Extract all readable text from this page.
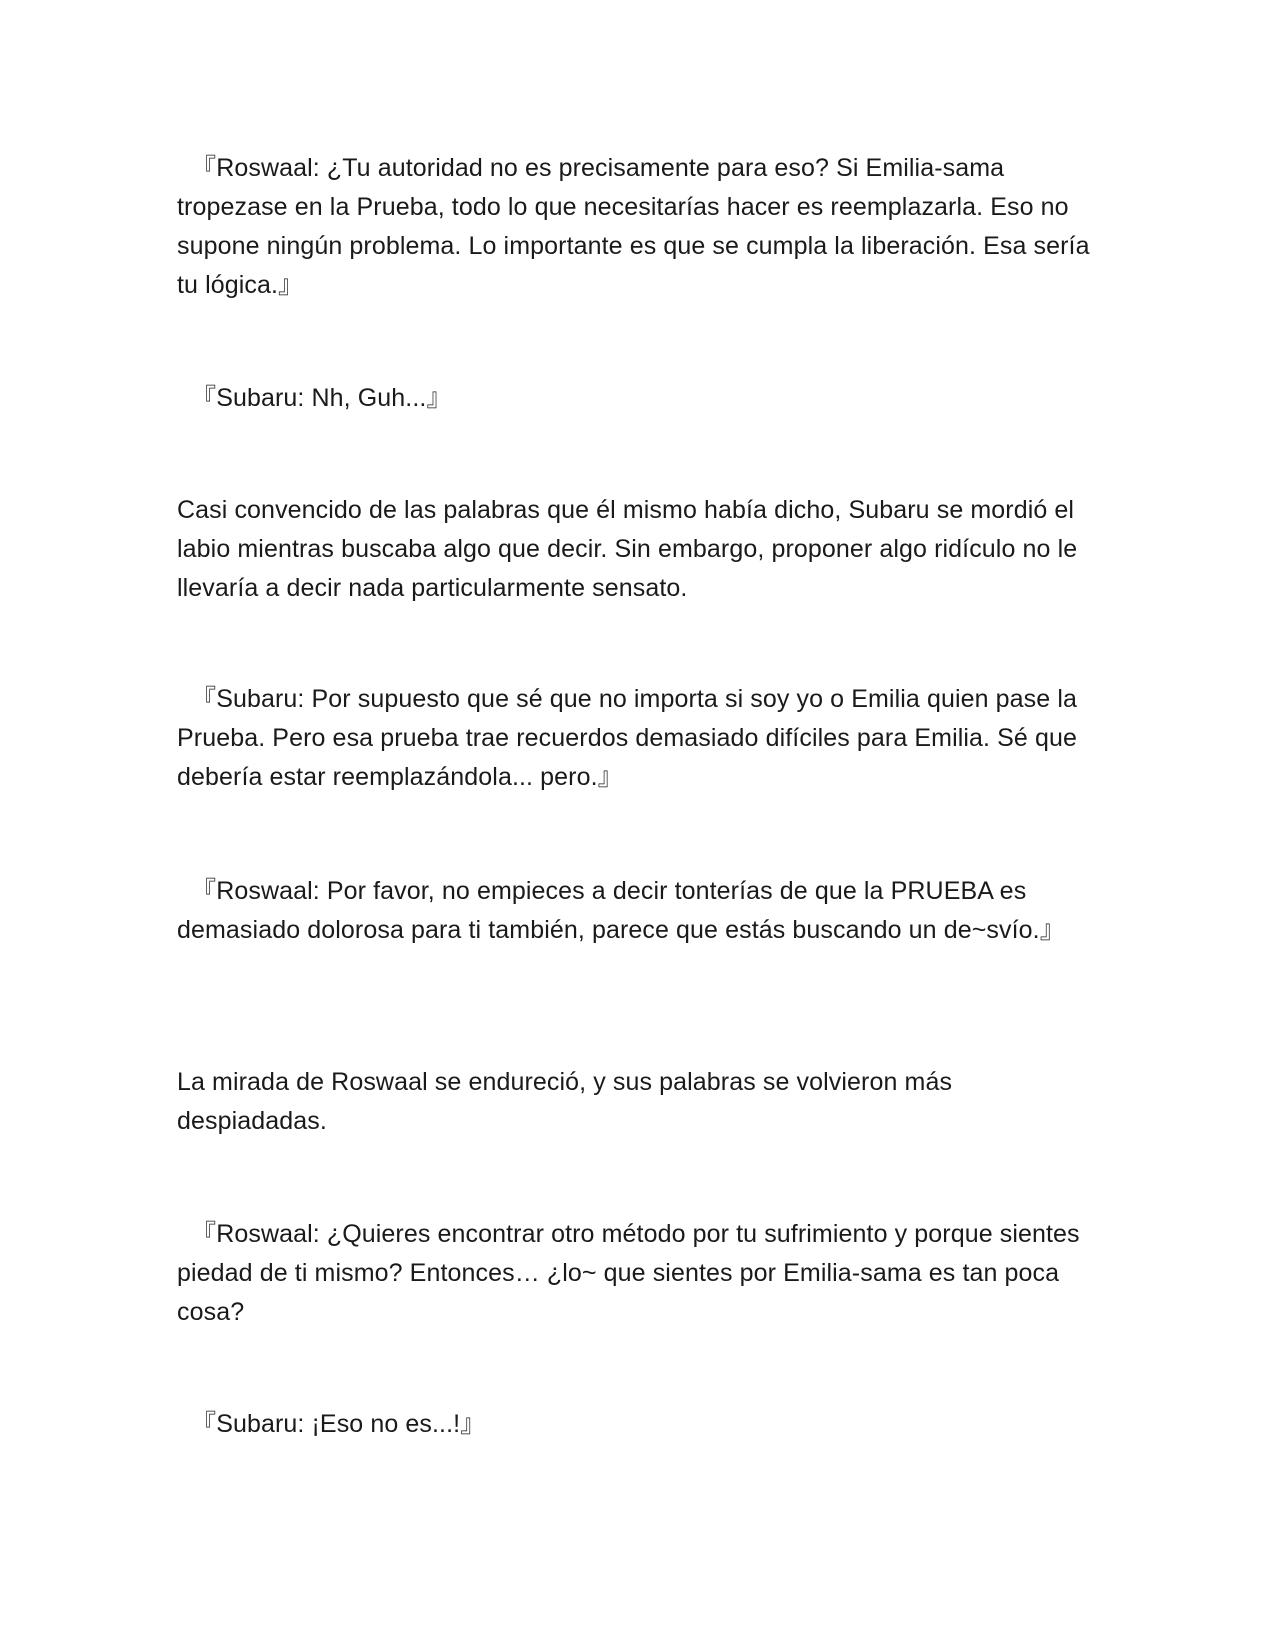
『Roswaal: ¿Tu autoridad no es precisamente para eso? Si Emilia-sama tropezase en la Prueba, todo lo que necesitarías hacer es reemplazarla. Eso no supone ningún problema. Lo importante es que se cumpla la liberación. Esa sería tu lógica.』

『Subaru: Nh, Guh...』

Casi convencido de las palabras que él mismo había dicho, Subaru se mordió el labio mientras buscaba algo que decir. Sin embargo, proponer algo ridículo no le llevaría a decir nada particularmente sensato.

『Subaru: Por supuesto que sé que no importa si soy yo o Emilia quien pase la Prueba. Pero esa prueba trae recuerdos demasiado difíciles para Emilia. Sé que debería estar reemplazándola... pero.』

『Roswaal: Por favor, no empieces a decir tonterías de que la PRUEBA es demasiado dolorosa para ti también, parece que estás buscando un de~svío.』

La mirada de Roswaal se endureció, y sus palabras se volvieron más despiadadas.

『Roswaal: ¿Quieres encontrar otro método por tu sufrimiento y porque sientes piedad de ti mismo? Entonces… ¿lo~ que sientes por Emilia-sama es tan poca cosa?

『Subaru: ¡Eso no es...!』
